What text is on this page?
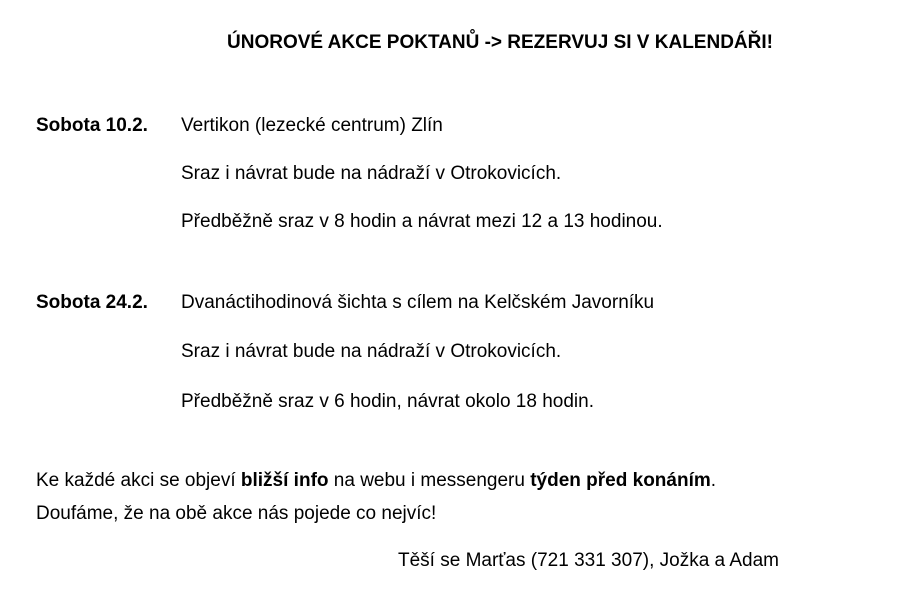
ÚNOROVÉ AKCE POKTANŮ -> REZERVUJ SI V KALENDÁŘI!
Sobota 10.2. Vertikon (lezecké centrum) Zlín
Sraz i návrat bude na nádraží v Otrokovicích.
Předběžně sraz v 8 hodin a návrat mezi 12 a 13 hodinou.
Sobota 24.2. Dvanáctihodinová šichta s cílem na Kelčském Javorníku
Sraz i návrat bude na nádraží v Otrokovicích.
Předběžně sraz v 6 hodin, návrat okolo 18 hodin.
Ke každé akci se objeví bližší info na webu i messengeru týden před konáním.
Doufáme, že na obě akce nás pojede co nejvíc!
Těší se Marťas (721 331 307), Jožka a Adam
